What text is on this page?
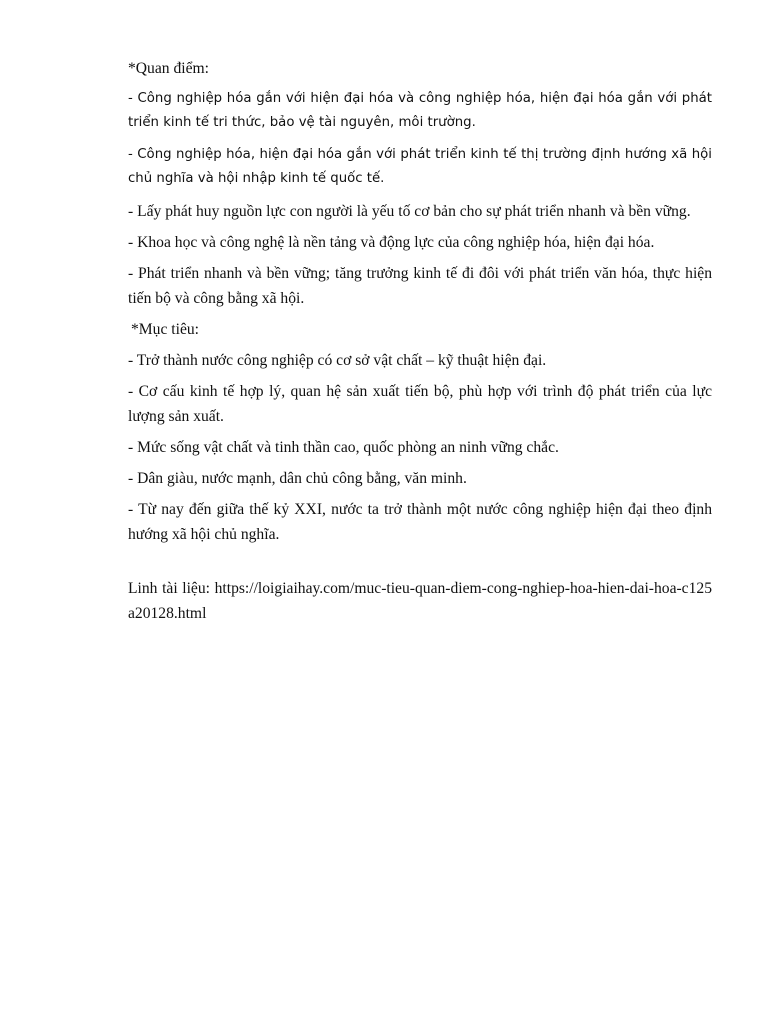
*Quan điểm:

- Công nghiệp hóa gắn với hiện đại hóa và công nghiệp hóa, hiện đại hóa gắn với phát triển kinh tế tri thức, bảo vệ tài nguyên, môi trường.

- Công nghiệp hóa, hiện đại hóa gắn với phát triển kinh tế thị trường định hướng xã hội chủ nghĩa và hội nhập kinh tế quốc tế.

- Lấy phát huy nguồn lực con người là yếu tố cơ bản cho sự phát triển nhanh và bền vững.

- Khoa học và công nghệ là nền tảng và động lực của công nghiệp hóa, hiện đại hóa.

- Phát triển nhanh và bền vững; tăng trưởng kinh tế đi đôi với phát triển văn hóa, thực hiện tiến bộ và công bằng xã hội.

*Mục tiêu:

- Trở thành nước công nghiệp có cơ sở vật chất – kỹ thuật hiện đại.

- Cơ cấu kinh tế hợp lý, quan hệ sản xuất tiến bộ, phù hợp với trình độ phát triển của lực lượng sản xuất.

- Mức sống vật chất và tinh thần cao, quốc phòng an ninh vững chắc.

- Dân giàu, nước mạnh, dân chủ công bằng, văn minh.

- Từ nay đến giữa thế kỷ XXI, nước ta trở thành một nước công nghiệp hiện đại theo định hướng xã hội chủ nghĩa.

Linh tài liệu: https://loigiaihay.com/muc-tieu-quan-diem-cong-nghiep-hoa-hien-dai-hoa-c125a20128.html
